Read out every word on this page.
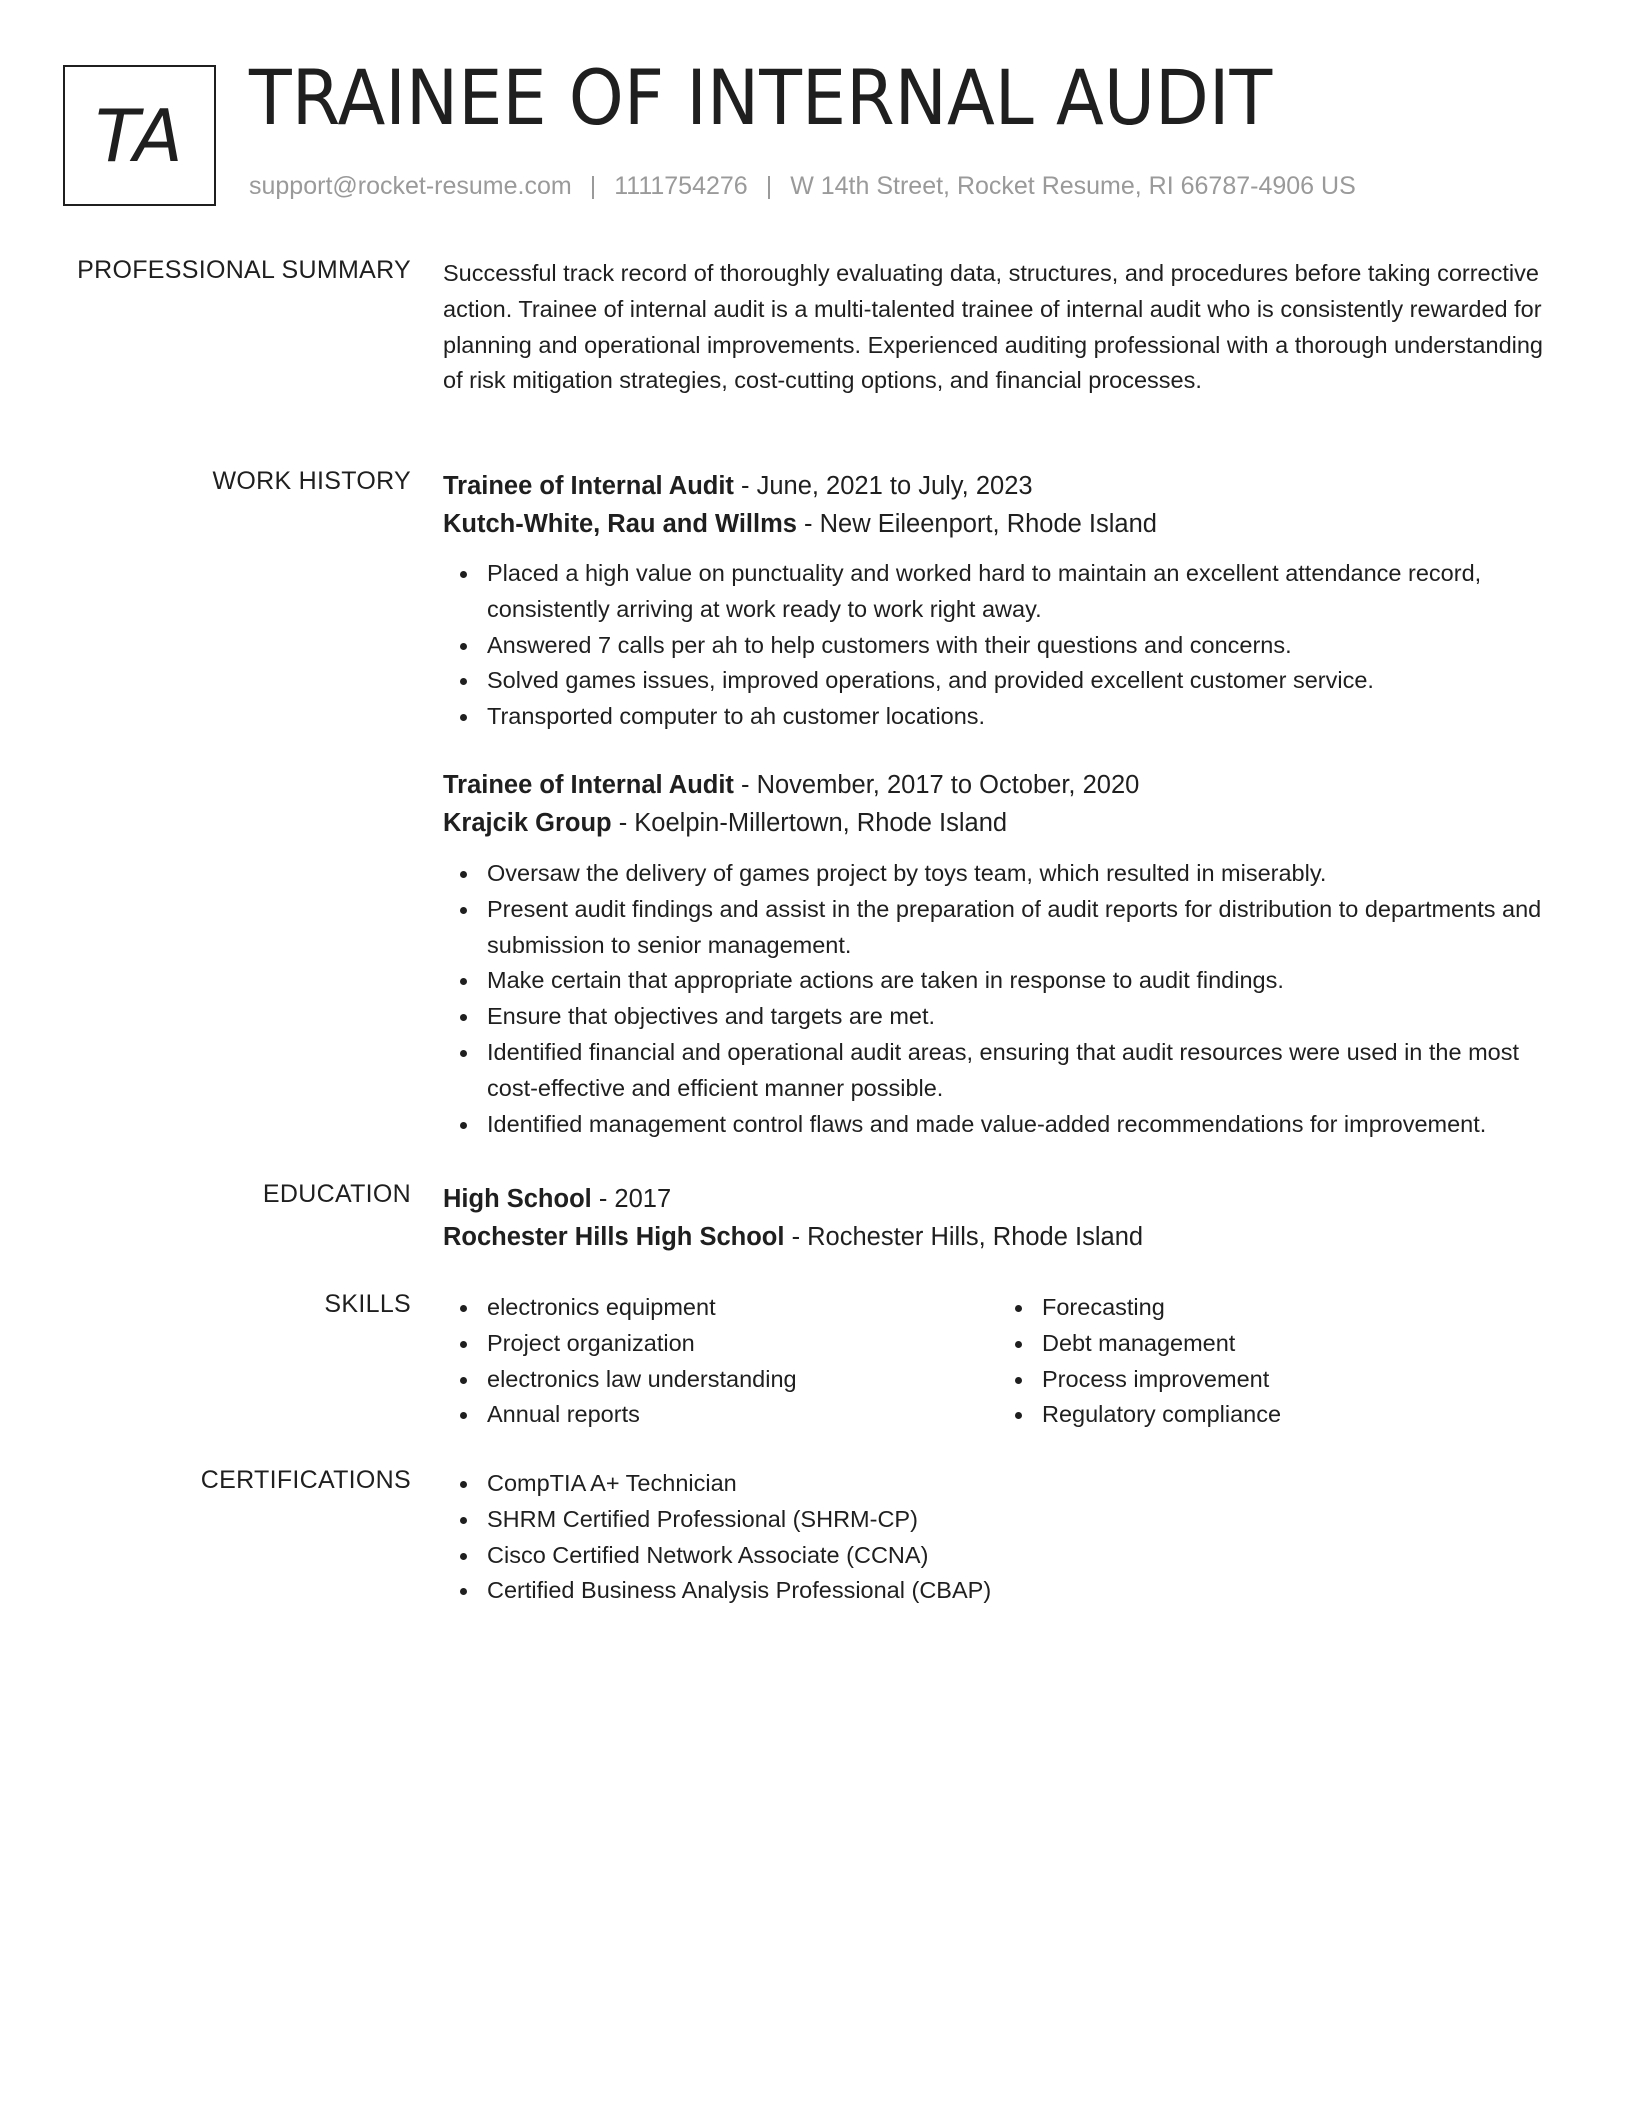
TA TRAINEE OF INTERNAL AUDIT
support@rocket-resume.com | 1111754276 | W 14th Street, Rocket Resume, RI 66787-4906 US
PROFESSIONAL SUMMARY Successful track record of thoroughly evaluating data, structures, and procedures before taking corrective action. Trainee of internal audit is a multi-talented trainee of internal audit who is consistently rewarded for planning and operational improvements. Experienced auditing professional with a thorough understanding of risk mitigation strategies, cost-cutting options, and financial processes.

WORK HISTORY Trainee of Internal Audit - June, 2021 to July, 2023
Kutch-White, Rau and Willms - New Eileenport, Rhode Island
Placed a high value on punctuality and worked hard to maintain an excellent attendance record, consistently arriving at work ready to work right away.
Answered 7 calls per ah to help customers with their questions and concerns.
Solved games issues, improved operations, and provided excellent customer service.
Transported computer to ah customer locations.
Trainee of Internal Audit - November, 2017 to October, 2020
Krajcik Group - Koelpin-Millertown, Rhode Island
Oversaw the delivery of games project by toys team, which resulted in miserably.
Present audit findings and assist in the preparation of audit reports for distribution to departments and submission to senior management.
Make certain that appropriate actions are taken in response to audit findings.
Ensure that objectives and targets are met.
Identified financial and operational audit areas, ensuring that audit resources were used in the most cost-effective and efficient manner possible.
Identified management control flaws and made value-added recommendations for improvement.
EDUCATION High School - 2017
Rochester Hills High School - Rochester Hills, Rhode Island
SKILLS	electronics equipment
Project organization
electronics law understanding
Annual reports
Forecasting
Debt management
Process improvement
Regulatory compliance
CERTIFICATIONS	CompTIA A+ Technician
SHRM Certified Professional (SHRM-CP)
Cisco Certified Network Associate (CCNA)
Certified Business Analysis Professional (CBAP)
